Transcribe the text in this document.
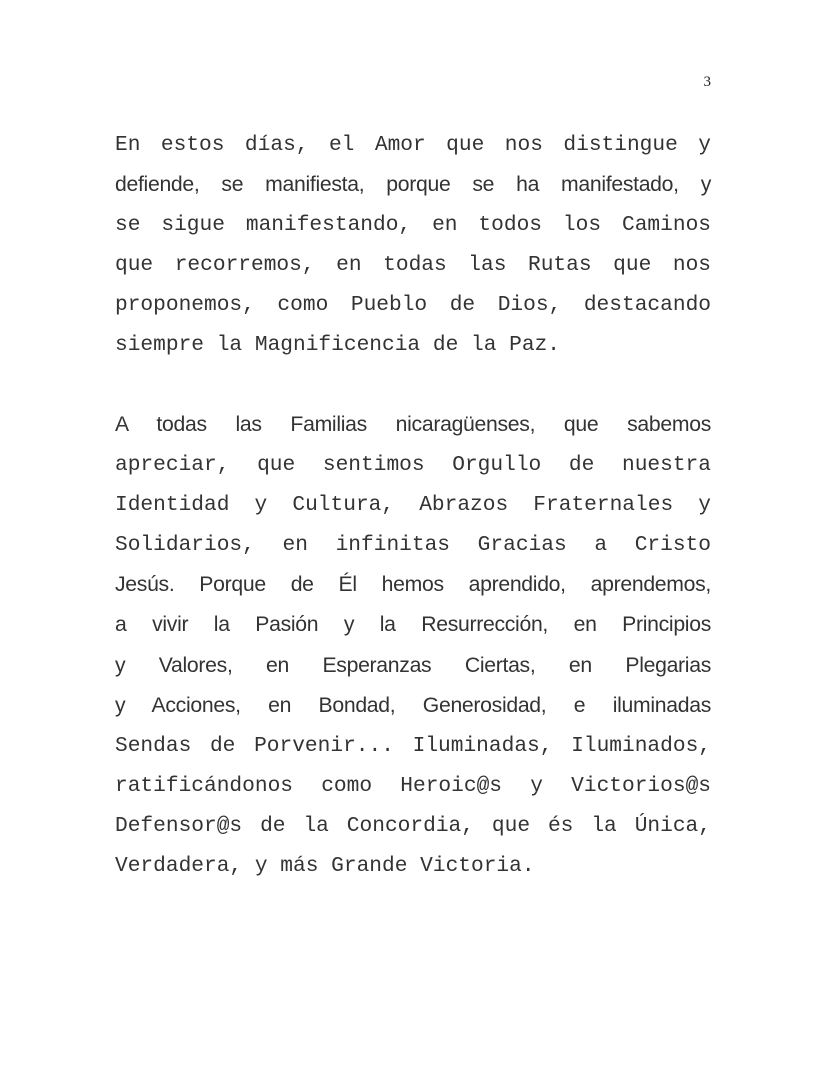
3
En estos días, el Amor que nos distingue y
defiende, se manifiesta, porque se ha manifestado, y
se sigue manifestando, en todos los Caminos
que recorremos, en todas las Rutas que nos
proponemos, como Pueblo de Dios, destacando
siempre la Magnificencia de la Paz.
A todas las Familias nicaragüenses, que sabemos
apreciar, que sentimos Orgullo de nuestra
Identidad y Cultura, Abrazos Fraternales y
Solidarios, en infinitas Gracias a Cristo
Jesús. Porque de Él hemos aprendido, aprendemos,
a vivir la Pasión y la Resurrección, en Principios
y Valores, en Esperanzas Ciertas, en Plegarias
y Acciones, en Bondad, Generosidad, e iluminadas
Sendas de Porvenir... Iluminadas, Iluminados,
ratificándonos como Heroic@s y Victorios@s
Defensor@s de la Concordia, que és la Única,
Verdadera, y más Grande Victoria.
